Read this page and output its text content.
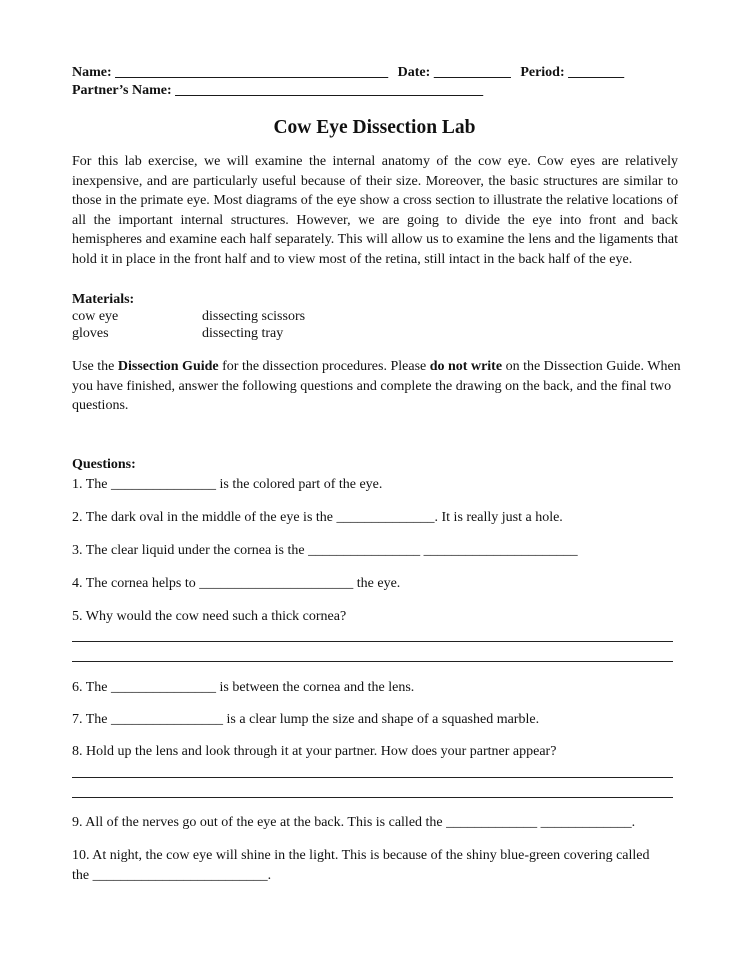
Name: _______________________________________ Date: ___________ Period: ________
Partner’s Name: ____________________________________________
Cow Eye Dissection Lab
For this lab exercise, we will examine the internal anatomy of the cow eye. Cow eyes are relatively inexpensive, and are particularly useful because of their size. Moreover, the basic structures are similar to those in the primate eye. Most diagrams of the eye show a cross section to illustrate the relative locations of all the important internal structures. However, we are going to divide the eye into front and back hemispheres and examine each half separately. This will allow us to examine the lens and the ligaments that hold it in place in the front half and to view most of the retina, still intact in the back half of the eye.
Materials:
cow eye	dissecting scissors
gloves	dissecting tray
Use the Dissection Guide for the dissection procedures. Please do not write on the Dissection Guide. When you have finished, answer the following questions and complete the drawing on the back, and the final two questions.
Questions:
1. The _______________ is the colored part of the eye.
2. The dark oval in the middle of the eye is the ______________. It is really just a hole.
3. The clear liquid under the cornea is the ________________ ______________________
4. The cornea helps to ______________________ the eye.
5. Why would the cow need such a thick cornea?
6. The _______________ is between the cornea and the lens.
7. The ________________ is a clear lump the size and shape of a squashed marble.
8. Hold up the lens and look through it at your partner. How does your partner appear?
9. All of the nerves go out of the eye at the back. This is called the _____________ _____________.
10. At night, the cow eye will shine in the light. This is because of the shiny blue-green covering called
the _________________________.
